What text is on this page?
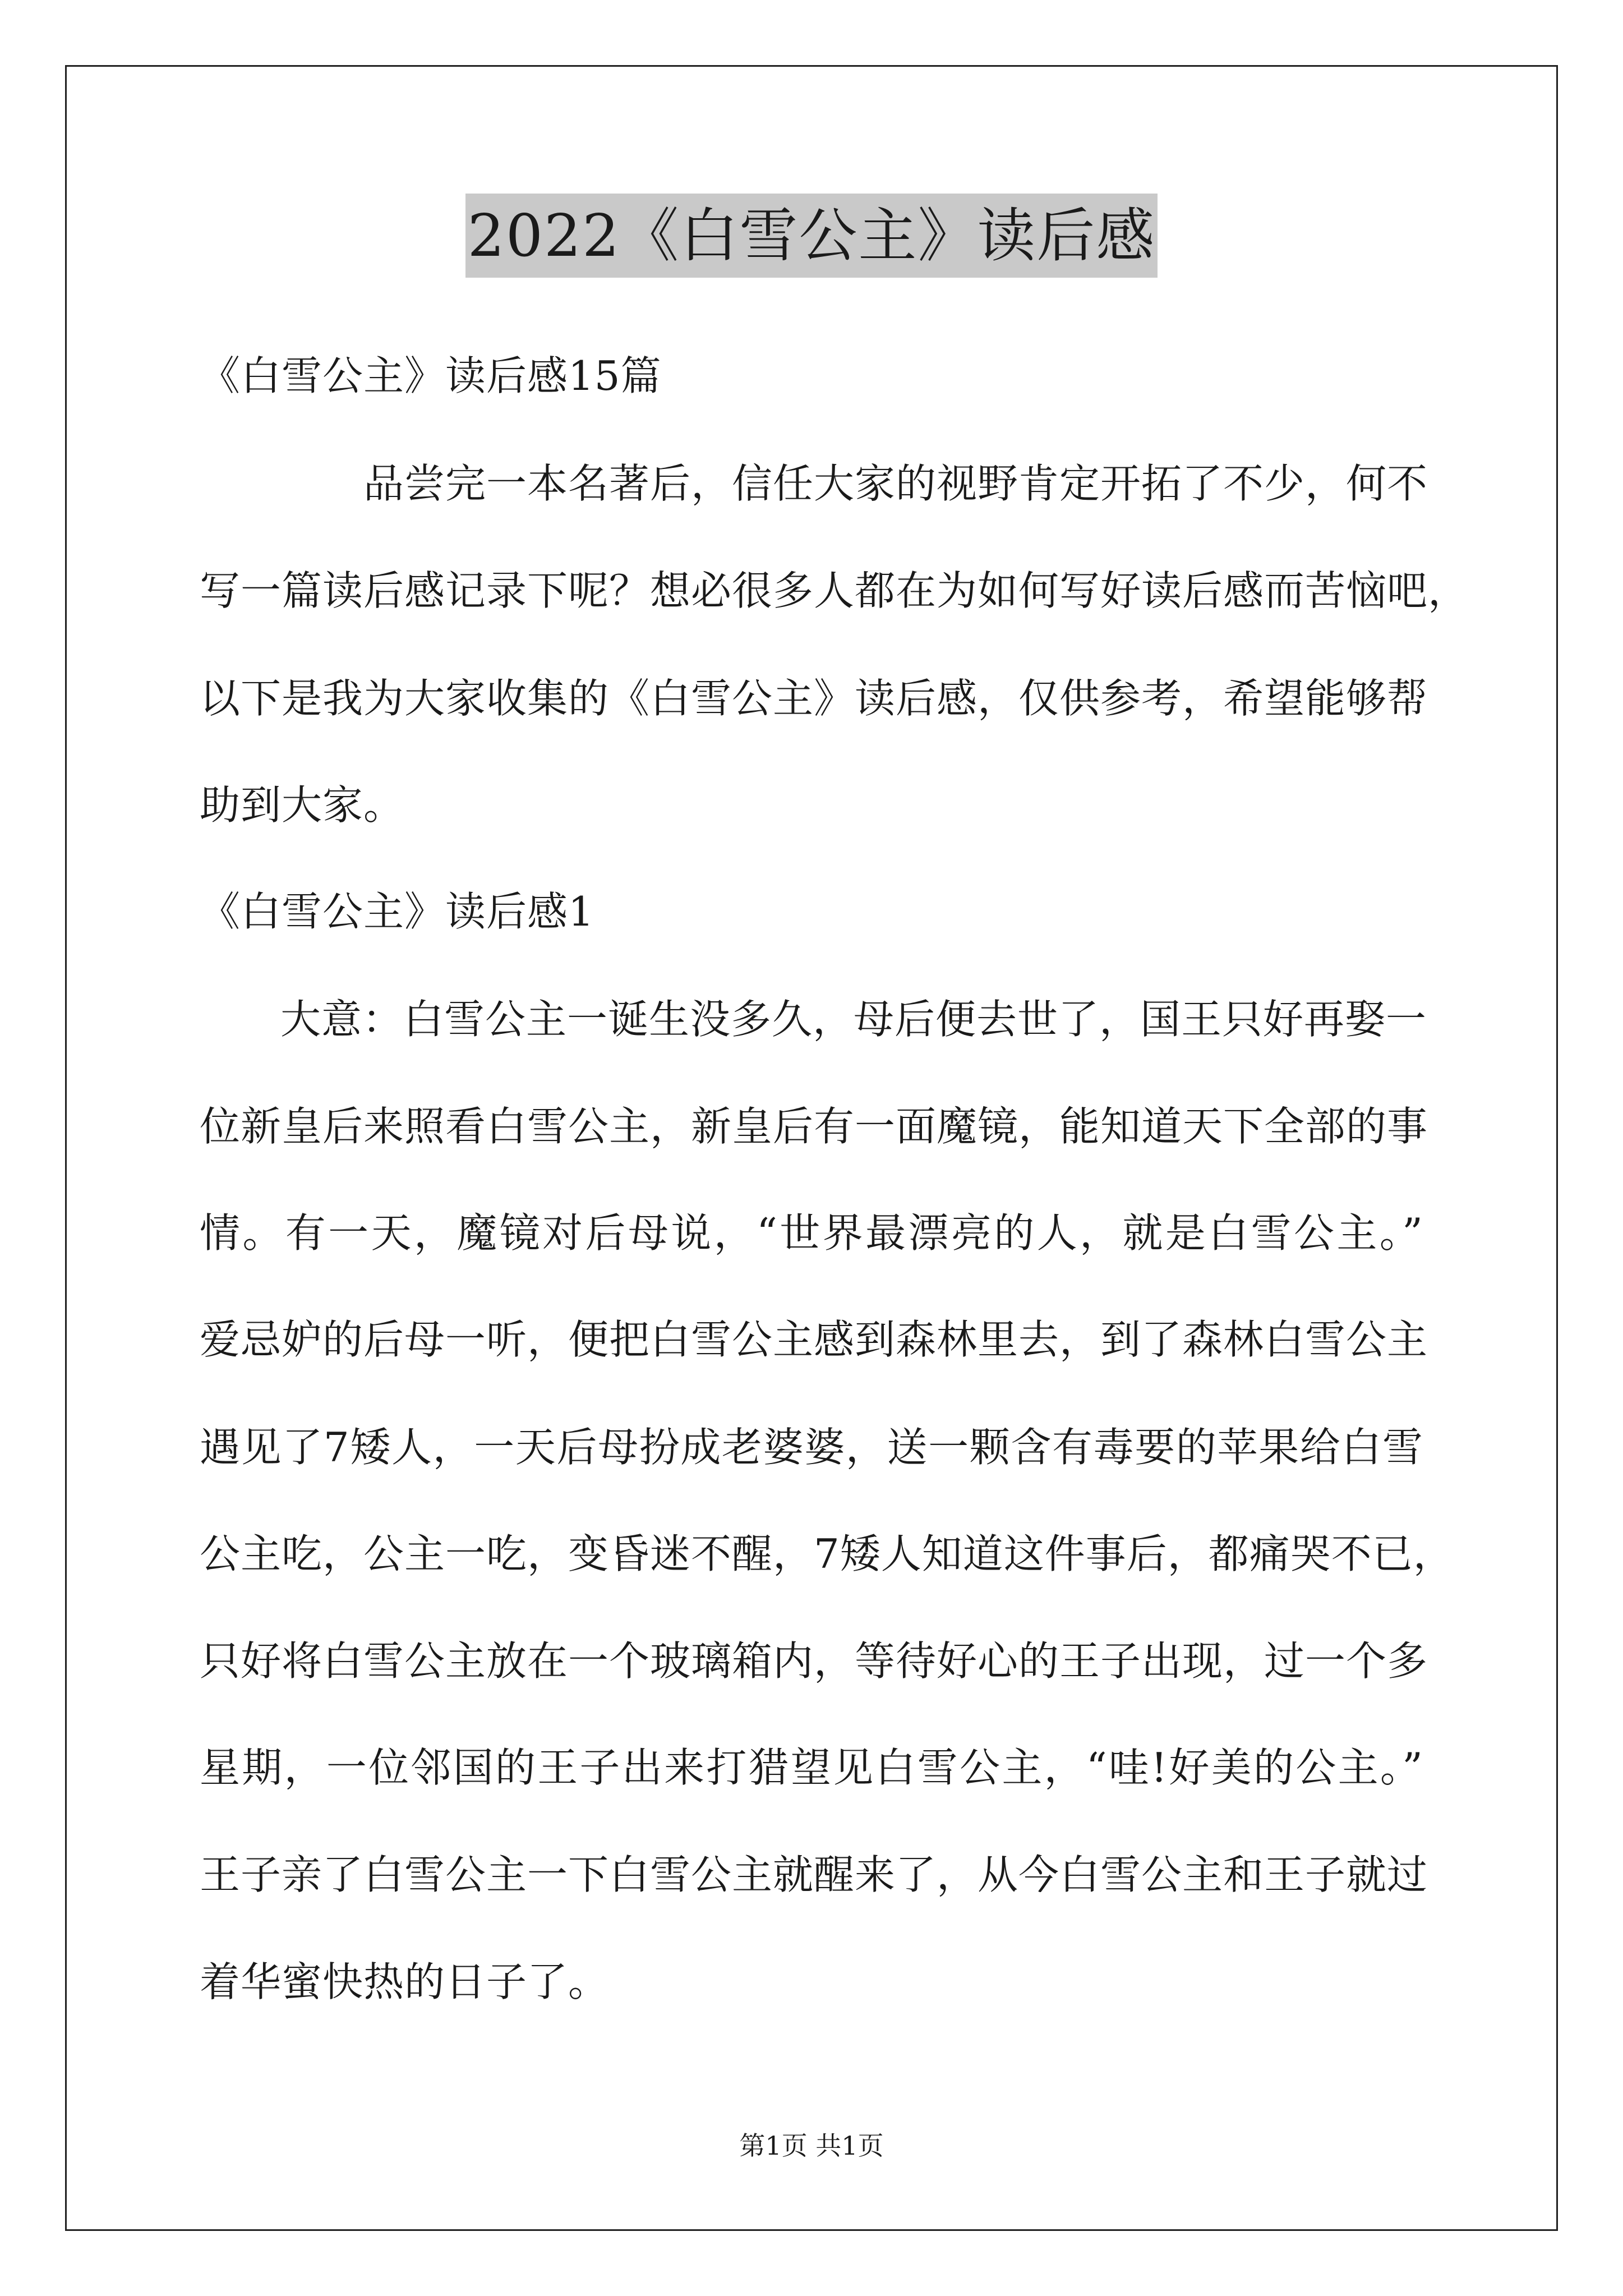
2022《白雪公主》读后感
《白雪公主》读后感15篇
品尝完一本名著后，信任大家的视野肯定开拓了不少，何不
写一篇读后感记录下呢？想必很多人都在为如何写好读后感而苦恼吧，
以下是我为大家收集的《白雪公主》读后感，仅供参考，希望能够帮
助到大家。
《白雪公主》读后感1
大意：白雪公主一诞生没多久，母后便去世了，国王只好再娶一
位新皇后来照看白雪公主，新皇后有一面魔镜，能知道天下全部的事
情。有一天，魔镜对后母说，“世界最漂亮的人，就是白雪公主。”
爱忌妒的后母一听，便把白雪公主感到森林里去，到了森林白雪公主
遇见了7矮人，一天后母扮成老婆婆，送一颗含有毒要的苹果给白雪
公主吃，公主一吃，变昏迷不醒，7矮人知道这件事后，都痛哭不已，
只好将白雪公主放在一个玻璃箱内，等待好心的王子出现，过一个多
星期，一位邻国的王子出来打猎望见白雪公主，“哇!好美的公主。”
王子亲了白雪公主一下白雪公主就醒来了，从今白雪公主和王子就过
着华蜜快热的日子了。
第1页 共1页
